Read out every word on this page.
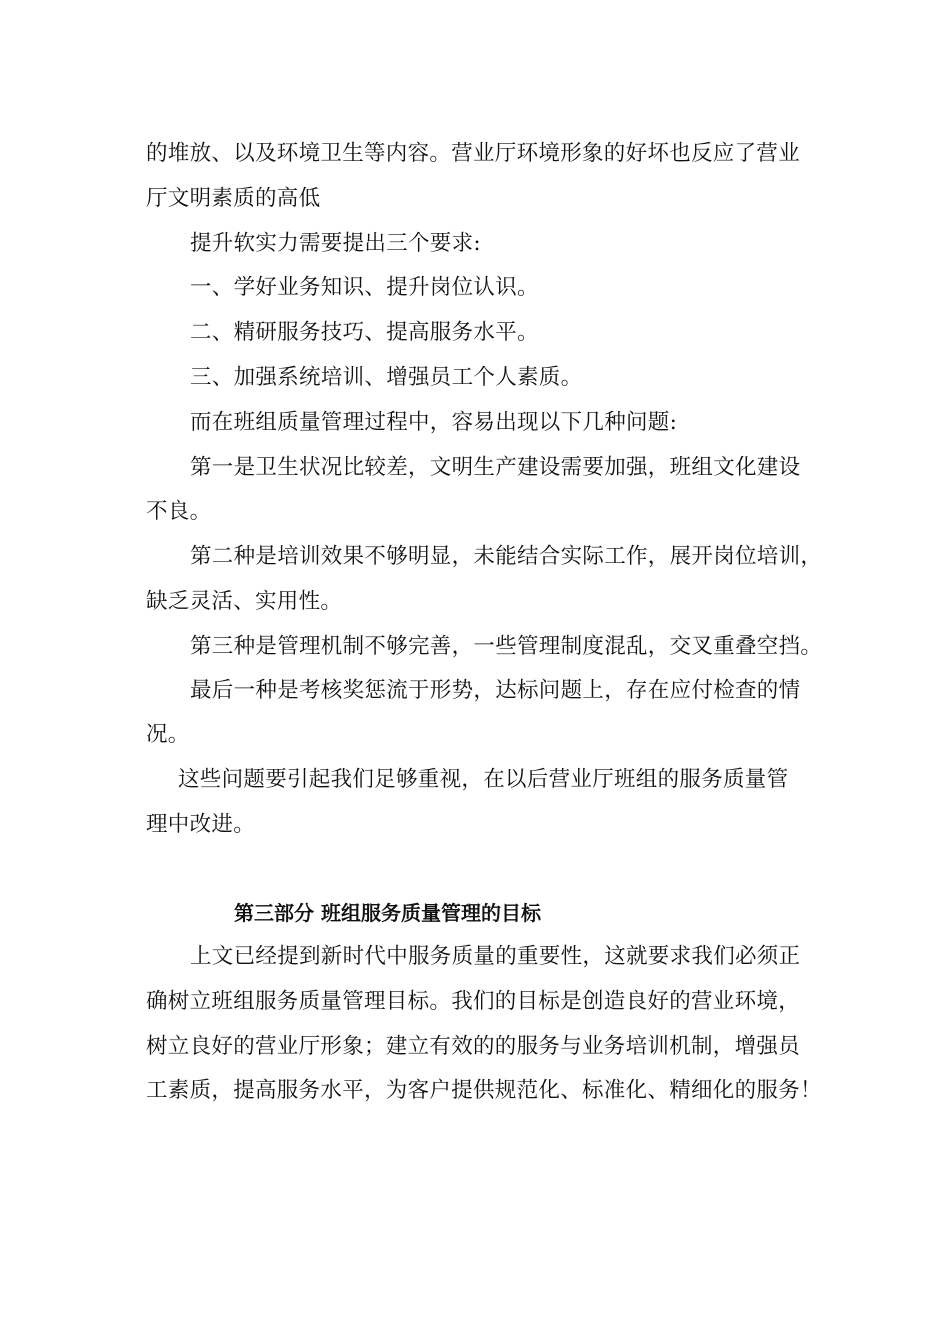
的堆放、以及环境卫生等内容。营业厅环境形象的好坏也反应了营业
厅文明素质的高低
提升软实力需要提出三个要求:
一、学好业务知识、提升岗位认识。
二、精研服务技巧、提高服务水平。
三、加强系统培训、增强员工个人素质。
而在班组质量管理过程中，容易出现以下几种问题:
第一是卫生状况比较差，文明生产建设需要加强，班组文化建设
不良。
第二种是培训效果不够明显，未能结合实际工作，展开岗位培训，
缺乏灵活、实用性。
第三种是管理机制不够完善，一些管理制度混乱，交叉重叠空挡。
最后一种是考核奖惩流于形势，达标问题上，存在应付检查的情
况。
这些问题要引起我们足够重视，在以后营业厅班组的服务质量管
理中改进。
第三部分 班组服务质量管理的目标
上文已经提到新时代中服务质量的重要性，这就要求我们必须正
确树立班组服务质量管理目标。我们的目标是创造良好的营业环境，
树立良好的营业厅形象；建立有效的的服务与业务培训机制，增强员
工素质，提高服务水平，为客户提供规范化、标准化、精细化的服务！
